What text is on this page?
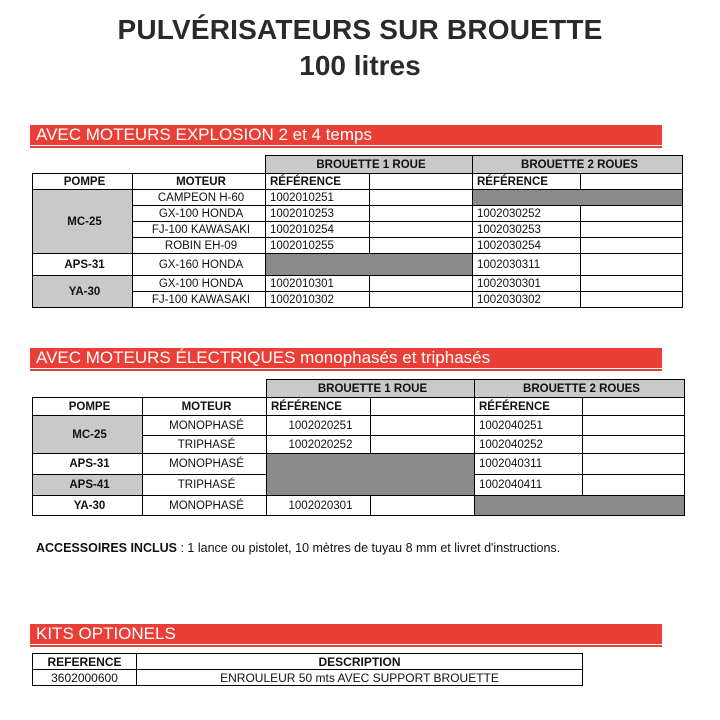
PULVÉRISATEURS SUR BROUETTE
100 litres
AVEC MOTEURS EXPLOSION 2 et 4 temps
		BROUETTE 1 ROUE		BROUETTE 2 ROUES	
POMPE	MOTEUR	RÉFÉRENCE		RÉFÉRENCE	
MC-25	CAMPEON H-60	1002010251			
	GX-100 HONDA	1002010253		1002030252	
	FJ-100 KAWASAKI	1002010254		1002030253	
	ROBIN EH-09	1002010255		1002030254	
APS-31	GX-160 HONDA			1002030311	
YA-30	GX-100 HONDA	1002010301		1002030301	
	FJ-100 KAWASAKI	1002010302		1002030302	
AVEC MOTEURS ÉLECTRIQUES monophasés et triphasés
		BROUETTE 1 ROUE		BROUETTE 2 ROUES	
POMPE	MOTEUR	RÉFÉRENCE		RÉFÉRENCE	
MC-25	MONOPHASÉ	1002020251		1002040251	
	TRIPHASÉ	1002020252		1002040252	
APS-31	MONOPHASÉ			1002040311	
APS-41	TRIPHASÉ			1002040411	
YA-30	MONOPHASÉ	1002020301			
ACCESSOIRES INCLUS : 1 lance ou pistolet, 10 mètres de tuyau 8 mm et livret d'instructions.
KITS OPTIONELS
REFERENCE	DESCRIPTION
3602000600	ENROULEUR 50 mts AVEC SUPPORT BROUETTE
